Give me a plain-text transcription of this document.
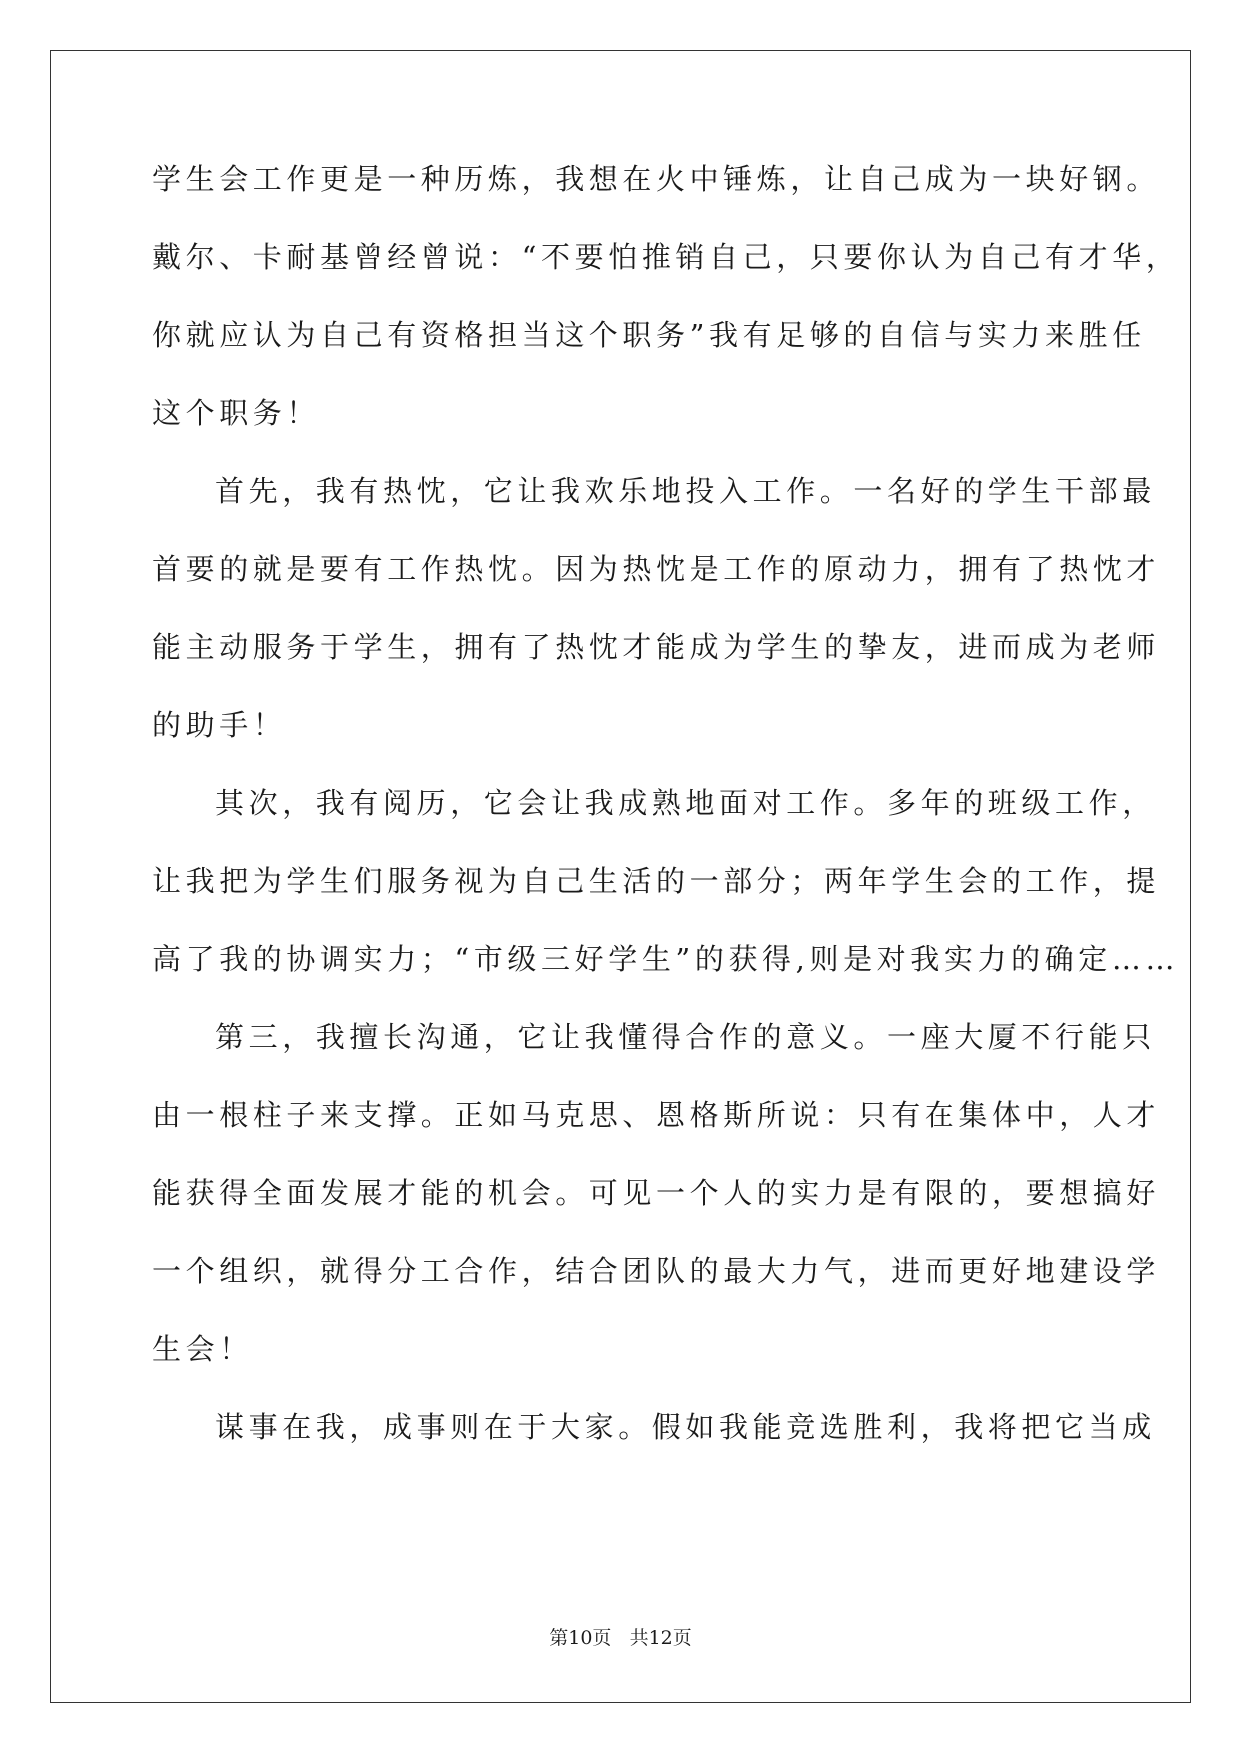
学生会工作更是一种历炼，我想在火中锤炼，让自己成为一块好钢。
戴尔、卡耐基曾经曾说：“不要怕推销自己，只要你认为自己有才华，
你就应认为自己有资格担当这个职务”我有足够的自信与实力来胜任
这个职务！
首先，我有热忱，它让我欢乐地投入工作。一名好的学生干部最
首要的就是要有工作热忱。因为热忱是工作的原动力，拥有了热忱才
能主动服务于学生，拥有了热忱才能成为学生的挚友，进而成为老师
的助手！
其次，我有阅历，它会让我成熟地面对工作。多年的班级工作，
让我把为学生们服务视为自己生活的一部分；两年学生会的工作，提
高了我的协调实力；“市级三好学生”的获得,则是对我实力的确定……
第三，我擅长沟通，它让我懂得合作的意义。一座大厦不行能只
由一根柱子来支撑。正如马克思、恩格斯所说：只有在集体中，人才
能获得全面发展才能的机会。可见一个人的实力是有限的，要想搞好
一个组织，就得分工合作，结合团队的最大力气，进而更好地建设学
生会！
谋事在我，成事则在于大家。假如我能竞选胜利，我将把它当成
第10页 共12页
